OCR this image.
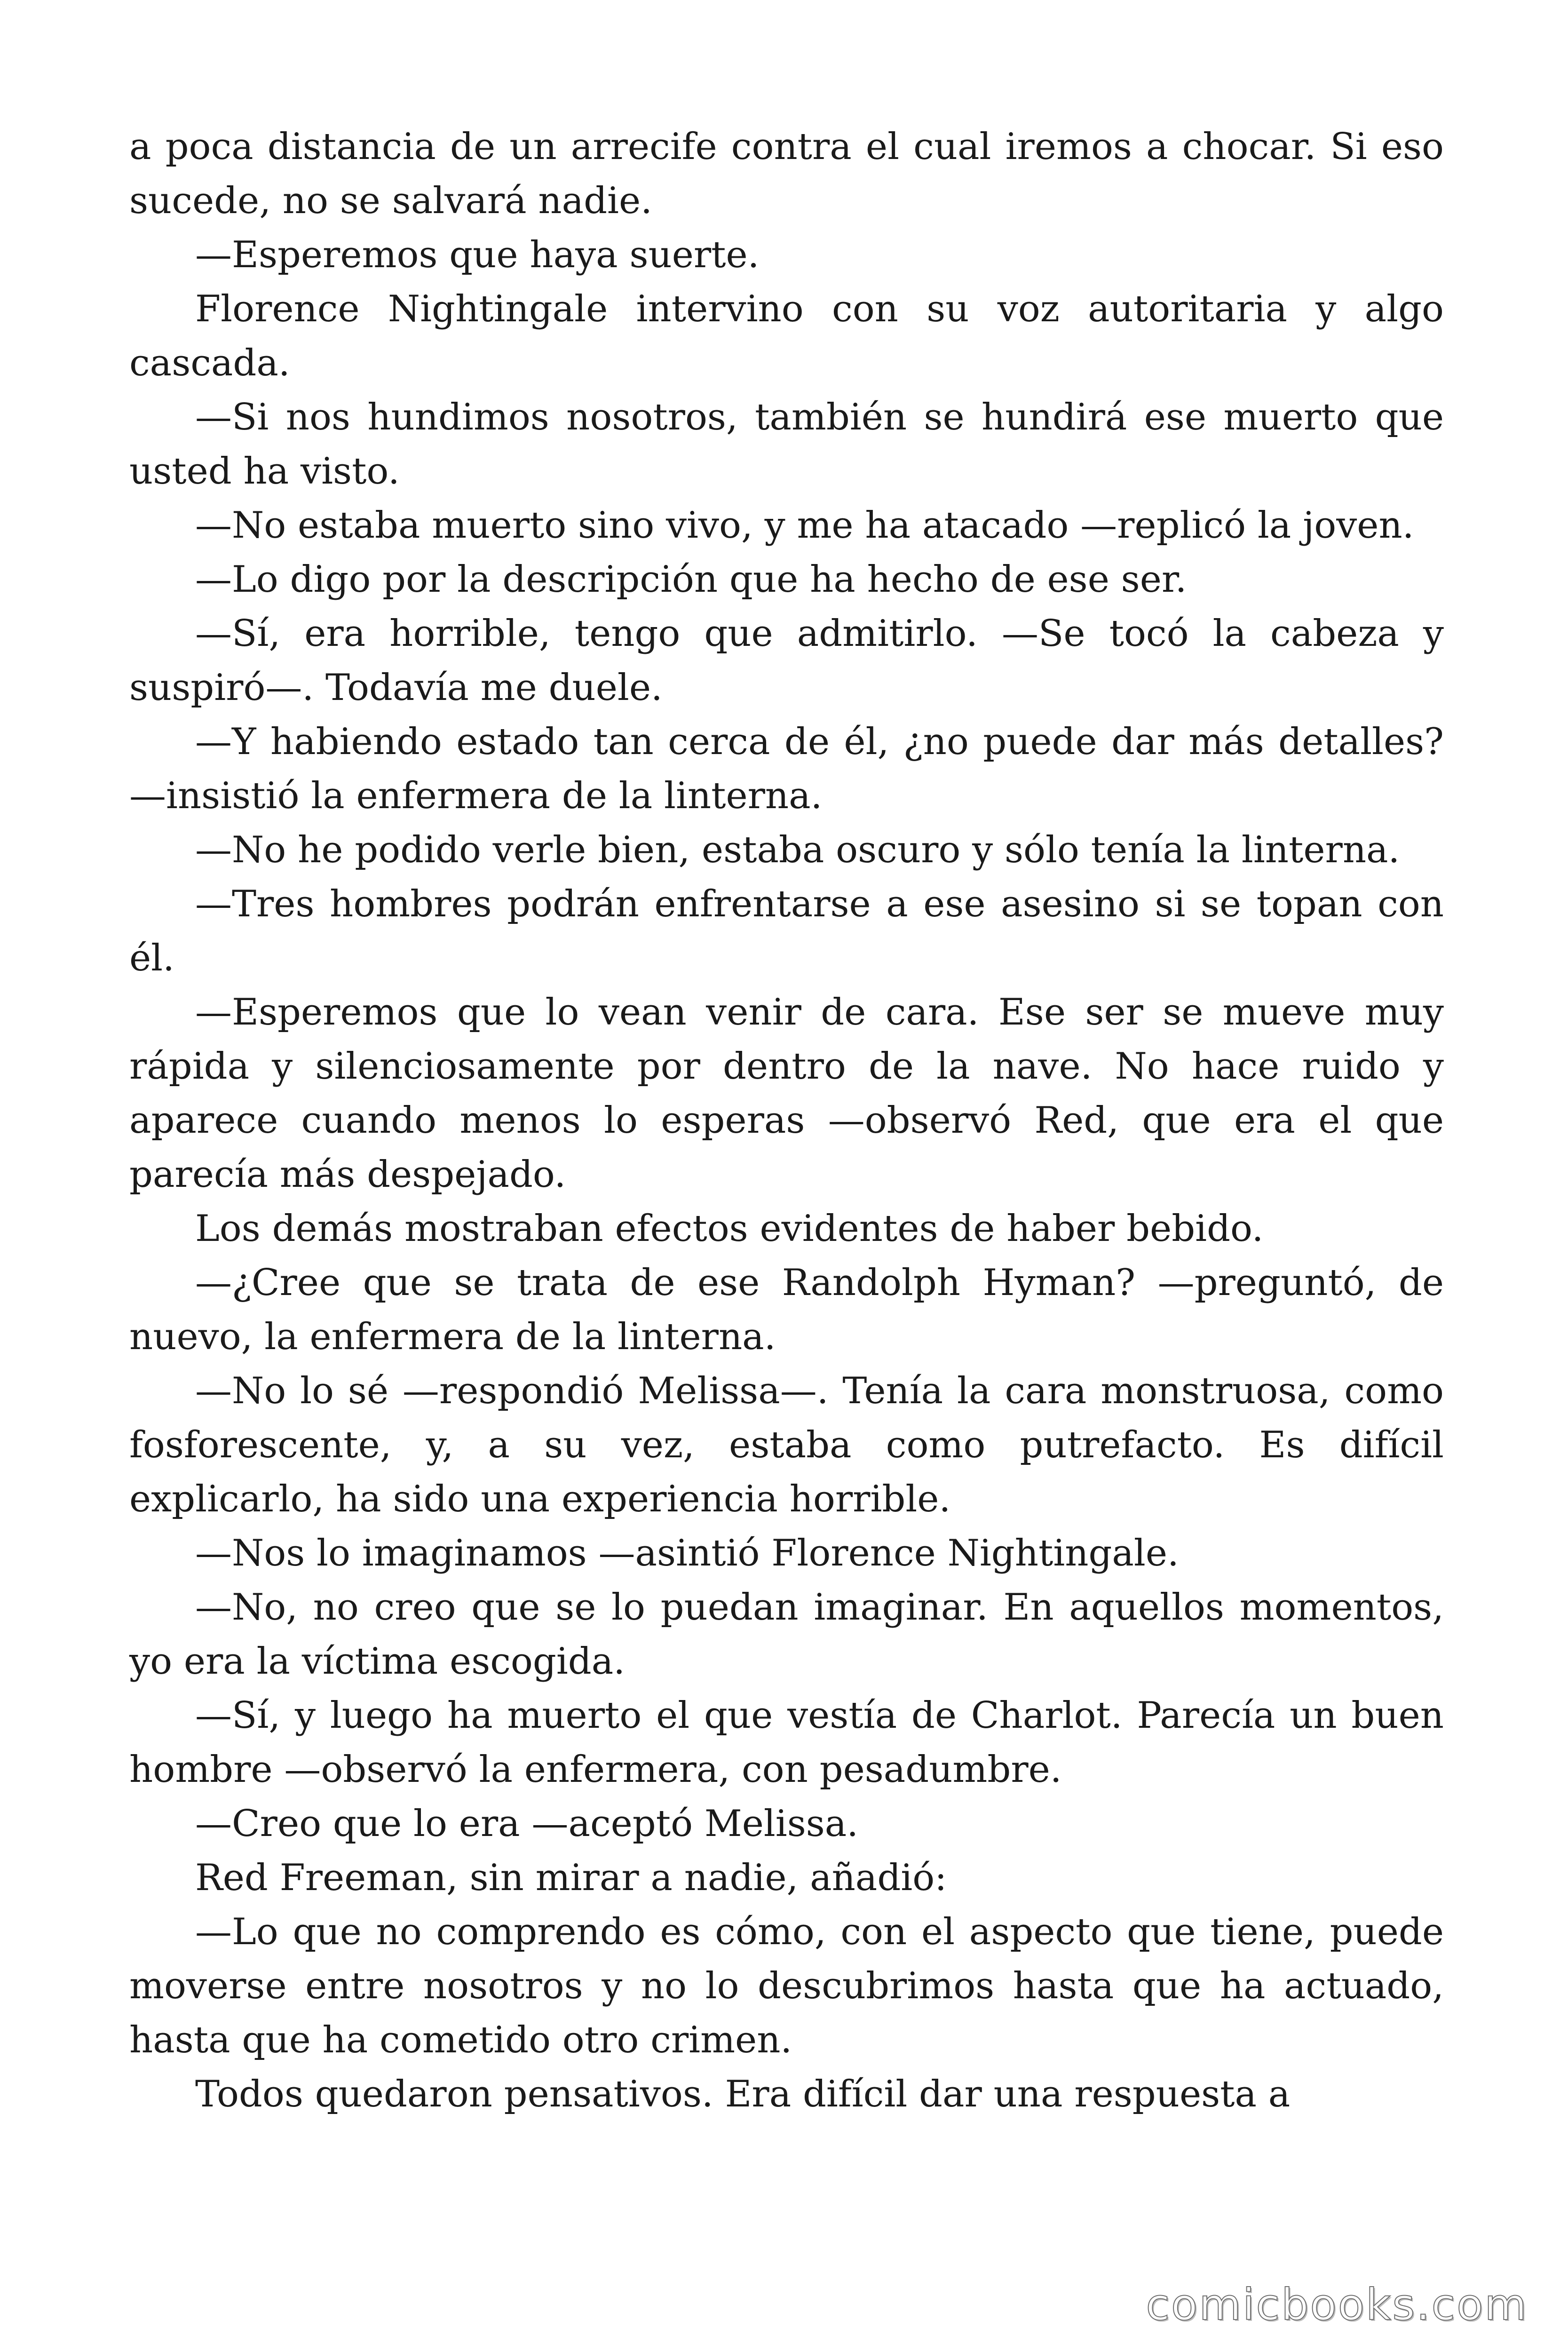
a poca distancia de un arrecife contra el cual iremos a chocar. Si eso sucede, no se salvará nadie.

—Esperemos que haya suerte.

Florence Nightingale intervino con su voz autoritaria y algo cascada.

—Si nos hundimos nosotros, también se hundirá ese muerto que usted ha visto.

—No estaba muerto sino vivo, y me ha atacado —replicó la joven.

—Lo digo por la descripción que ha hecho de ese ser.

—Sí, era horrible, tengo que admitirlo. —Se tocó la cabeza y suspiró—. Todavía me duele.

—Y habiendo estado tan cerca de él, ¿no puede dar más detalles? —insistió la enfermera de la linterna.

—No he podido verle bien, estaba oscuro y sólo tenía la linterna.

—Tres hombres podrán enfrentarse a ese asesino si se topan con él.

—Esperemos que lo vean venir de cara. Ese ser se mueve muy rápida y silenciosamente por dentro de la nave. No hace ruido y aparece cuando menos lo esperas —observó Red, que era el que parecía más despejado.

Los demás mostraban efectos evidentes de haber bebido.

—¿Cree que se trata de ese Randolph Hyman? —preguntó, de nuevo, la enfermera de la linterna.

—No lo sé —respondió Melissa—. Tenía la cara monstruosa, como fosforescente, y, a su vez, estaba como putrefacto. Es difícil explicarlo, ha sido una experiencia horrible.

—Nos lo imaginamos —asintió Florence Nightingale.

—No, no creo que se lo puedan imaginar. En aquellos momentos, yo era la víctima escogida.

—Sí, y luego ha muerto el que vestía de Charlot. Parecía un buen hombre —observó la enfermera, con pesadumbre.

—Creo que lo era —aceptó Melissa.

Red Freeman, sin mirar a nadie, añadió:

—Lo que no comprendo es cómo, con el aspecto que tiene, puede moverse entre nosotros y no lo descubrimos hasta que ha actuado, hasta que ha cometido otro crimen.

Todos quedaron pensativos. Era difícil dar una respuesta a

comicbooks.com
